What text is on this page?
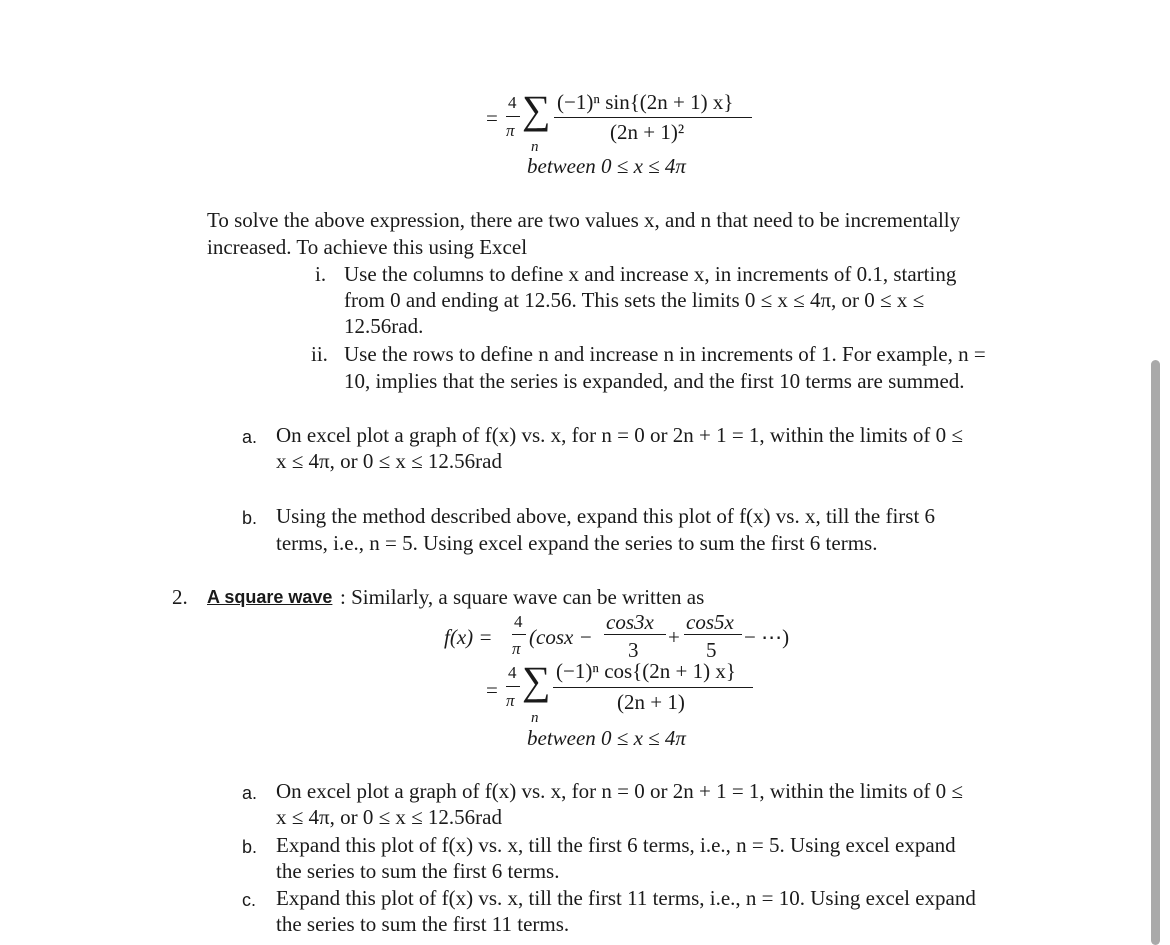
=
4
π ∑
n
(−1)ⁿ sin{(2n + 1) x}
(2n + 1)²
between 0 ≤ x ≤ 4π
To solve the above expression, there are two values x, and n that need to be incrementally
increased. To achieve this using Excel
i. Use the columns to define x and increase x, in increments of 0.1, starting
from 0 and ending at 12.56. This sets the limits 0 ≤ x ≤ 4π, or 0 ≤ x ≤
12.56rad.
ii. Use the rows to define n and increase n in increments of 1. For example, n =
10, implies that the series is expanded, and the first 10 terms are summed.
a. On excel plot a graph of f(x) vs. x, for n = 0 or 2n + 1 = 1, within the limits of 0 ≤
x ≤ 4π, or 0 ≤ x ≤ 12.56rad
b. Using the method described above, expand this plot of f(x) vs. x, till the first 6
terms, i.e., n = 5. Using excel expand the series to sum the first 6 terms.
2. A square wave : Similarly, a square wave can be written as
f(x) =
4
π (cosx −
cos3x
3
+
cos5x
5
− ⋯)
=
4
π ∑
n
(−1)ⁿ cos{(2n + 1) x}
(2n + 1)
between 0 ≤ x ≤ 4π
a. On excel plot a graph of f(x) vs. x, for n = 0 or 2n + 1 = 1, within the limits of 0 ≤
x ≤ 4π, or 0 ≤ x ≤ 12.56rad
b. Expand this plot of f(x) vs. x, till the first 6 terms, i.e., n = 5. Using excel expand
the series to sum the first 6 terms.
c. Expand this plot of f(x) vs. x, till the first 11 terms, i.e., n = 10. Using excel expand
the series to sum the first 11 terms.
